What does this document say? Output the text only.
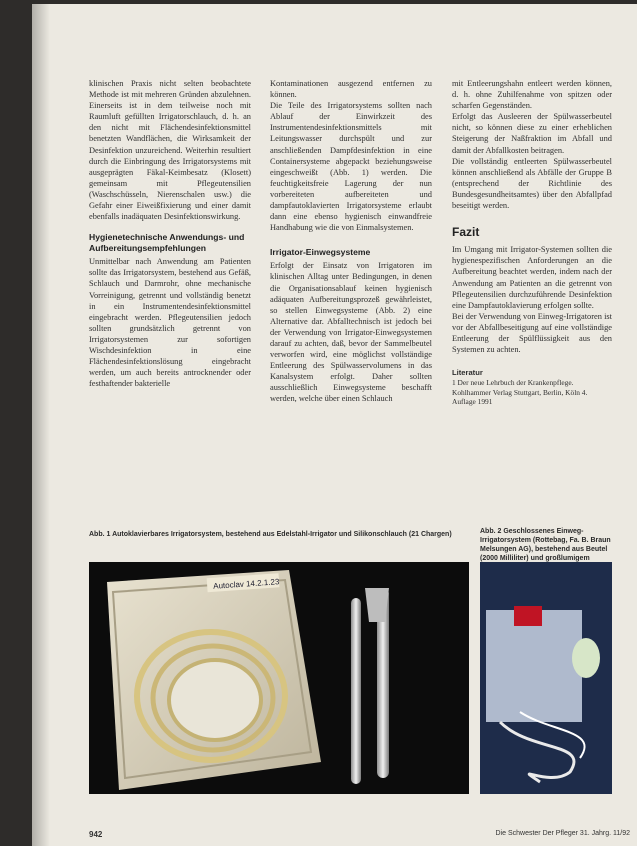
klinischen Praxis nicht selten beobachtete Methode ist mit mehreren Gründen abzulehnen. Einerseits ist in dem teilweise noch mit Raumluft gefüllten Irrigatorschlauch, d. h. an den nicht mit Flächendesinfektionsmittel benetzten Wandflächen, die Wirksamkeit der Desinfektion unzureichend. Weiterhin resultiert durch die Einbringung des Irrigatorsystems mit ausgeprägten Fäkal-Keimbesatz (Klosett) gemeinsam mit Pflegeutensilien (Waschschüsseln, Nierenschalen usw.) die Gefahr einer Eiweißfixierung und einer damit ebenfalls inadäquaten Desinfektionswirkung.

Hygienetechnische Anwendungs- und Aufbereitungsempfehlungen

Unmittelbar nach Anwendung am Patienten sollte das Irrigatorsystem, bestehend aus Gefäß, Schlauch und Darmrohr, ohne mechanische Vorreinigung, getrennt und vollständig benetzt in ein Instrumentendesinfektionsmittel eingebracht werden. Pflegeutensilien jedoch sollten grundsätzlich getrennt von Irrigatorsystemen zur sofortigen Wischdesinfektion in eine Flächendesinfektionslösung eingebracht werden, um auch bereits antrocknender oder festhaftender bakterielle

Kontaminationen ausgezend entfernen zu können.

Die Teile des Irrigatorsystems sollten nach Ablauf der Einwirkzeit des Instrumentendesinfektionsmittels mit Leitungswasser durchspült und zur anschließenden Dampfdesinfektion in eine Containersysteme abgepackt beziehungsweise eingeschweißt (Abb. 1) werden. Die feuchtigkeitsfreie Lagerung der nun vorbereiteten aufbereiteten und dampfautoklavierten Irrigatorsysteme erlaubt dann eine ebenso hygienisch einwandfreie Handhabung wie die von Einmalsystemen.

Irrigator-Einwegsysteme

Erfolgt der Einsatz von Irrigatoren im klinischen Alltag unter Bedingungen, in denen die Organisationsablauf keinen hygienisch adäquaten Aufbereitungsprozeß gewährleistet, so stellen Einwegsysteme (Abb. 2) eine Alternative dar. Abfalltechnisch ist jedoch bei der Verwendung von Irrigator-Einwegsystemen darauf zu achten, daß, bevor der Sammelbeutel verworfen wird, eine möglichst vollständige Entleerung des Spülwasservolumens in das Kanalsystem erfolgt. Daher sollten ausschließlich Einwegsysteme beschafft werden, welche über einen Schlauch

mit Entleerungshahn entleert werden können, d. h. ohne Zuhilfenahme von spitzen oder scharfen Gegenständen.

Erfolgt das Ausleeren der Spülwasserbeutel nicht, so können diese zu einer erheblichen Steigerung der Naßfraktion im Abfall und damit der Abfallkosten beitragen.

Die vollständig entleerten Spülwasserbeutel können anschließend als Abfälle der Gruppe B (entsprechend der Richtlinie des Bundesgesundheitsamtes) über den Abfallpfad beseitigt werden.

Fazit

Im Umgang mit Irrigator-Systemen sollten die hygienespezifischen Anforderungen an die Aufbereitung beachtet werden, indem nach der Anwendung am Patienten an die getrennt von Pflegeutensilien durchzuführende Desinfektion eine Dampfautoklavierung erfolgen sollte.

Bei der Verwendung von Einweg-Irrigatoren ist vor der Abfallbeseitigung auf eine vollständige Entleerung der Spülflüssigkeit aus den Systemen zu achten.

Literatur
1 Der neue Lehrbuch der Krankenpflege. Kohlhammer Verlag Stuttgart, Berlin, Köln 4. Auflage 1991
Abb. 1 Autoklavierbares Irrigatorsystem, bestehend aus Edelstahl-Irrigator und Silikonschlauch (21 Chargen)	Abb. 2 Geschlossenes Einweg-Irrigatorsystem (Rottebag, Fa. B. Braun Melsungen AG), bestehend aus Beutel (2000 Milliliter) und großlumigem
Autoclav 14.2.1.23
942	Die Schwester Der Pfleger 31. Jahrg. 11/92
